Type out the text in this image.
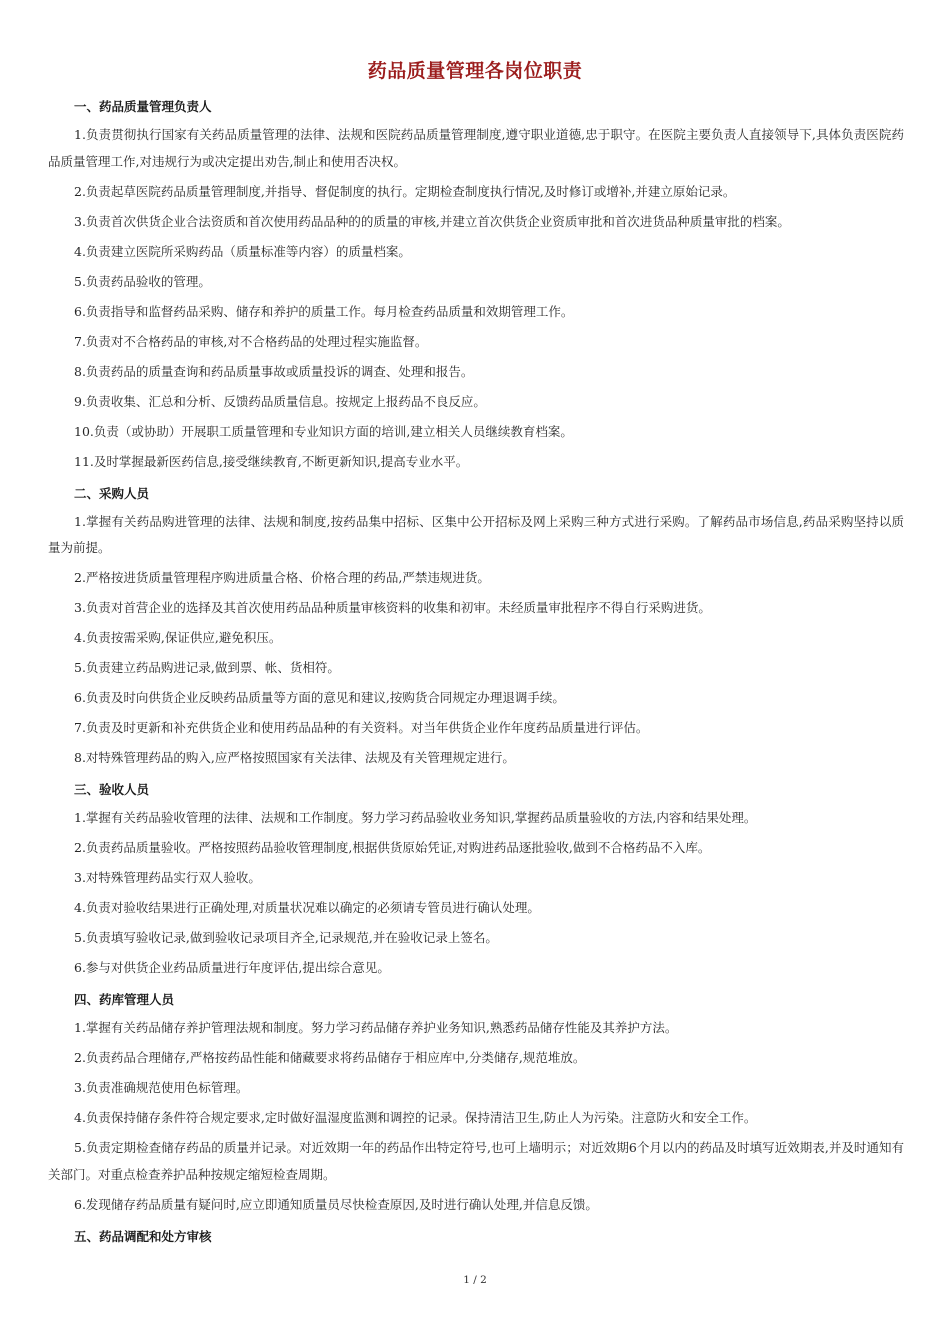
药品质量管理各岗位职责
一、药品质量管理负责人

1.负责贯彻执行国家有关药品质量管理的法律、法规和医院药品质量管理制度,遵守职业道德,忠于职守。在医院主要负责人直接领导下,具体负责医院药品质量管理工作,对违规行为或决定提出劝告,制止和使用否决权。

2.负责起草医院药品质量管理制度,并指导、督促制度的执行。定期检查制度执行情况,及时修订或增补,并建立原始记录。

3.负责首次供货企业合法资质和首次使用药品品种的的质量的审核,并建立首次供货企业资质审批和首次进货品种质量审批的档案。

4.负责建立医院所采购药品（质量标准等内容）的质量档案。

5.负责药品验收的管理。

6.负责指导和监督药品采购、储存和养护的质量工作。每月检查药品质量和效期管理工作。

7.负责对不合格药品的审核,对不合格药品的处理过程实施监督。

8.负责药品的质量查询和药品质量事故或质量投诉的调查、处理和报告。

9.负责收集、汇总和分析、反馈药品质量信息。按规定上报药品不良反应。

10.负责（或协助）开展职工质量管理和专业知识方面的培训,建立相关人员继续教育档案。

11.及时掌握最新医药信息,接受继续教育,不断更新知识,提高专业水平。

二、采购人员

1.掌握有关药品购进管理的法律、法规和制度,按药品集中招标、区集中公开招标及网上采购三种方式进行采购。了解药品市场信息,药品采购坚持以质量为前提。

2.严格按进货质量管理程序购进质量合格、价格合理的药品,严禁违规进货。

3.负责对首营企业的选择及其首次使用药品品种质量审核资料的收集和初审。未经质量审批程序不得自行采购进货。

4.负责按需采购,保证供应,避免积压。

5.负责建立药品购进记录,做到票、帐、货相符。

6.负责及时向供货企业反映药品质量等方面的意见和建议,按购货合同规定办理退调手续。

7.负责及时更新和补充供货企业和使用药品品种的有关资料。对当年供货企业作年度药品质量进行评估。

8.对特殊管理药品的购入,应严格按照国家有关法律、法规及有关管理规定进行。

三、验收人员

1.掌握有关药品验收管理的法律、法规和工作制度。努力学习药品验收业务知识,掌握药品质量验收的方法,内容和结果处理。

2.负责药品质量验收。严格按照药品验收管理制度,根据供货原始凭证,对购进药品逐批验收,做到不合格药品不入库。

3.对特殊管理药品实行双人验收。

4.负责对验收结果进行正确处理,对质量状况难以确定的必须请专管员进行确认处理。

5.负责填写验收记录,做到验收记录项目齐全,记录规范,并在验收记录上签名。

6.参与对供货企业药品质量进行年度评估,提出综合意见。

四、药库管理人员

1.掌握有关药品储存养护管理法规和制度。努力学习药品储存养护业务知识,熟悉药品储存性能及其养护方法。

2.负责药品合理储存,严格按药品性能和储藏要求将药品储存于相应库中,分类储存,规范堆放。

3.负责准确规范使用色标管理。

4.负责保持储存条件符合规定要求,定时做好温湿度监测和调控的记录。保持清洁卫生,防止人为污染。注意防火和安全工作。

5.负责定期检查储存药品的质量并记录。对近效期一年的药品作出特定符号,也可上墙明示；对近效期6个月以内的药品及时填写近效期表,并及时通知有关部门。对重点检查养护品种按规定缩短检查周期。

6.发现储存药品质量有疑问时,应立即通知质量员尽快检查原因,及时进行确认处理,并信息反馈。

五、药品调配和处方审核
1 / 2
